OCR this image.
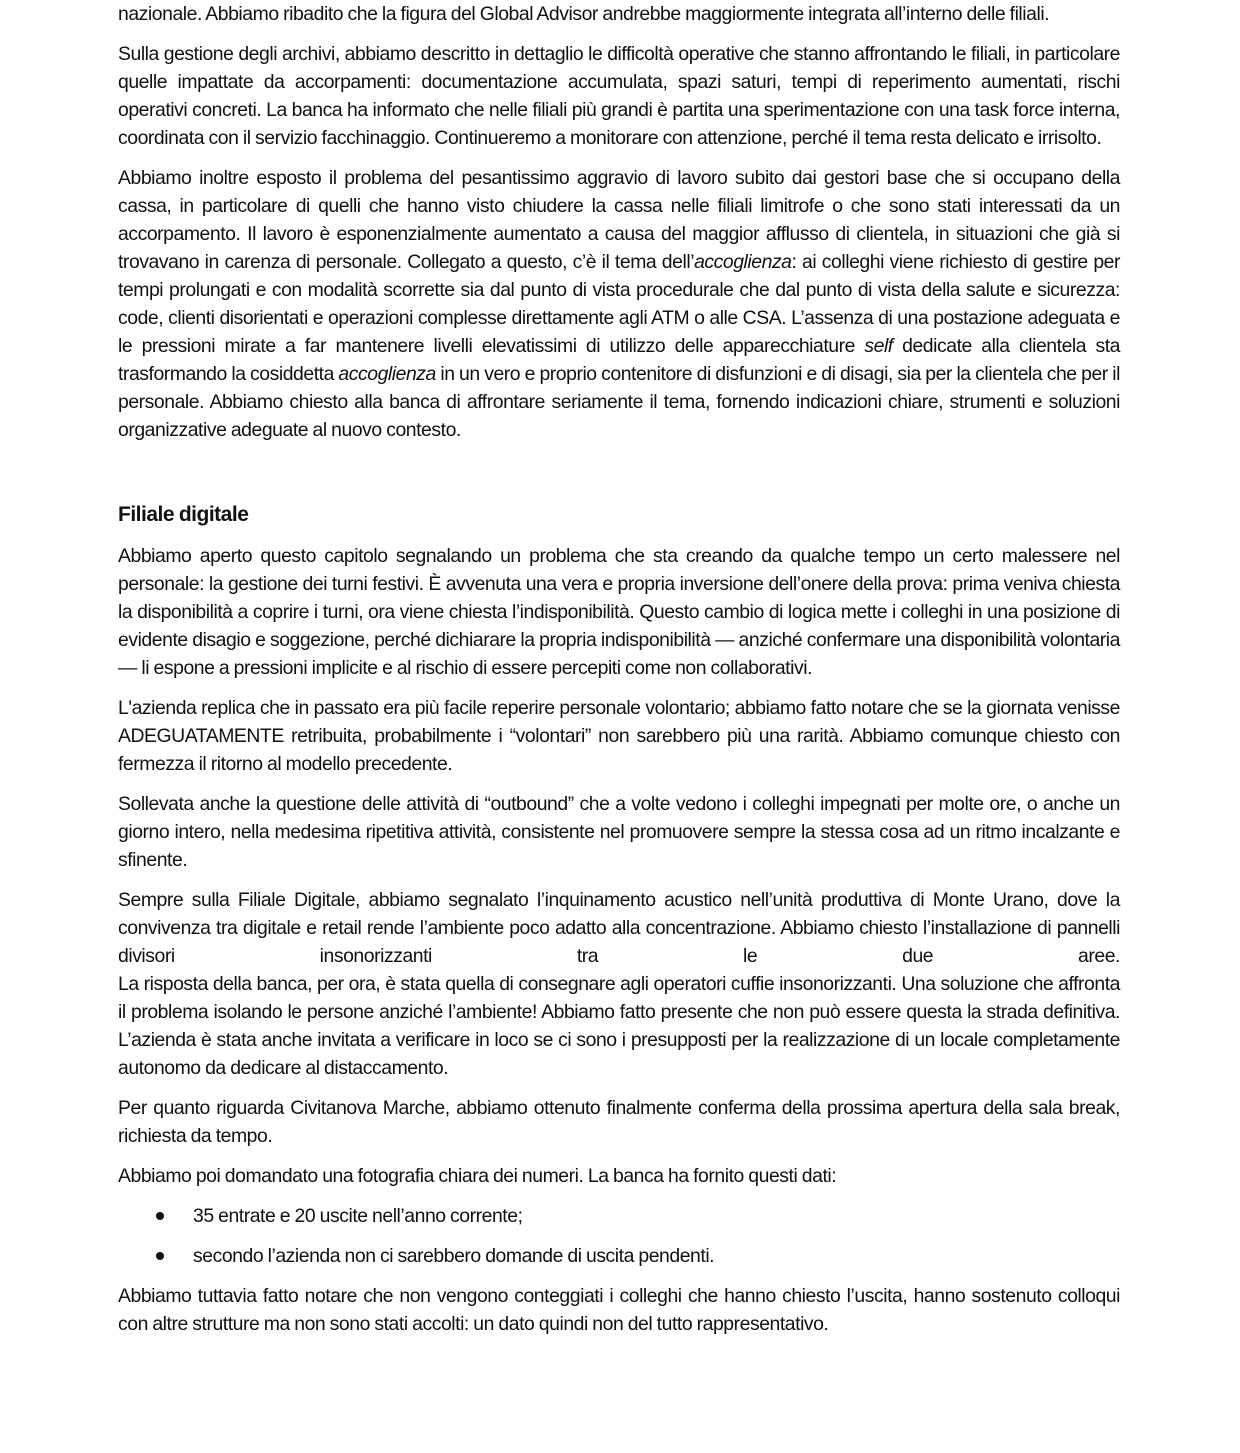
nazionale. Abbiamo ribadito che la figura del Global Advisor andrebbe maggiormente integrata all’interno delle filiali.

Sulla gestione degli archivi, abbiamo descritto in dettaglio le difficoltà operative che stanno affrontando le filiali, in particolare quelle impattate da accorpamenti: documentazione accumulata, spazi saturi, tempi di reperimento aumentati, rischi operativi concreti. La banca ha informato che nelle filiali più grandi è partita una sperimentazione con una task force interna, coordinata con il servizio facchinaggio. Continueremo a monitorare con attenzione, perché il tema resta delicato e irrisolto.

Abbiamo inoltre esposto il problema del pesantissimo aggravio di lavoro subito dai gestori base che si occupano della cassa, in particolare di quelli che hanno visto chiudere la cassa nelle filiali limitrofe o che sono stati interessati da un accorpamento. Il lavoro è esponenzialmente aumentato a causa del maggior afflusso di clientela, in situazioni che già si trovavano in carenza di personale. Collegato a questo, c’è il tema dell’accoglienza: ai colleghi viene richiesto di gestire per tempi prolungati e con modalità scorrette sia dal punto di vista procedurale che dal punto di vista della salute e sicurezza: code, clienti disorientati e operazioni complesse direttamente agli ATM o alle CSA. L’assenza di una postazione adeguata e le pressioni mirate a far mantenere livelli elevatissimi di utilizzo delle apparecchiature self dedicate alla clientela sta trasformando la cosiddetta accoglienza in un vero e proprio contenitore di disfunzioni e di disagi, sia per la clientela che per il personale. Abbiamo chiesto alla banca di affrontare seriamente il tema, fornendo indicazioni chiare, strumenti e soluzioni organizzative adeguate al nuovo contesto.

Filiale digitale

Abbiamo aperto questo capitolo segnalando un problema che sta creando da qualche tempo un certo malessere nel personale: la gestione dei turni festivi. È avvenuta una vera e propria inversione dell’onere della prova: prima veniva chiesta la disponibilità a coprire i turni, ora viene chiesta l’indisponibilità. Questo cambio di logica mette i colleghi in una posizione di evidente disagio e soggezione, perché dichiarare la propria indisponibilità — anziché confermare una disponibilità volontaria — li espone a pressioni implicite e al rischio di essere percepiti come non collaborativi.

L'azienda replica che in passato era più facile reperire personale volontario; abbiamo fatto notare che se la giornata venisse ADEGUATAMENTE retribuita, probabilmente i “volontari” non sarebbero più una rarità. Abbiamo comunque chiesto con fermezza il ritorno al modello precedente.

Sollevata anche la questione delle attività di “outbound” che a volte vedono i colleghi impegnati per molte ore, o anche un giorno intero, nella medesima ripetitiva attività, consistente nel promuovere sempre la stessa cosa ad un ritmo incalzante e sfinente.

Sempre sulla Filiale Digitale, abbiamo segnalato l’inquinamento acustico nell’unità produttiva di Monte Urano, dove la convivenza tra digitale e retail rende l’ambiente poco adatto alla concentrazione. Abbiamo chiesto l’installazione di pannelli divisori insonorizzanti tra le due aree.

La risposta della banca, per ora, è stata quella di consegnare agli operatori cuffie insonorizzanti. Una soluzione che affronta il problema isolando le persone anziché l’ambiente! Abbiamo fatto presente che non può essere questa la strada definitiva. L’azienda è stata anche invitata a verificare in loco se ci sono i presupposti per la realizzazione di un locale completamente autonomo da dedicare al distaccamento.

Per quanto riguarda Civitanova Marche, abbiamo ottenuto finalmente conferma della prossima apertura della sala break, richiesta da tempo.

Abbiamo poi domandato una fotografia chiara dei numeri. La banca ha fornito questi dati:

35 entrate e 20 uscite nell’anno corrente;
secondo l’azienda non ci sarebbero domande di uscita pendenti.

Abbiamo tuttavia fatto notare che non vengono conteggiati i colleghi che hanno chiesto l’uscita, hanno sostenuto colloqui con altre strutture ma non sono stati accolti: un dato quindi non del tutto rappresentativo.
